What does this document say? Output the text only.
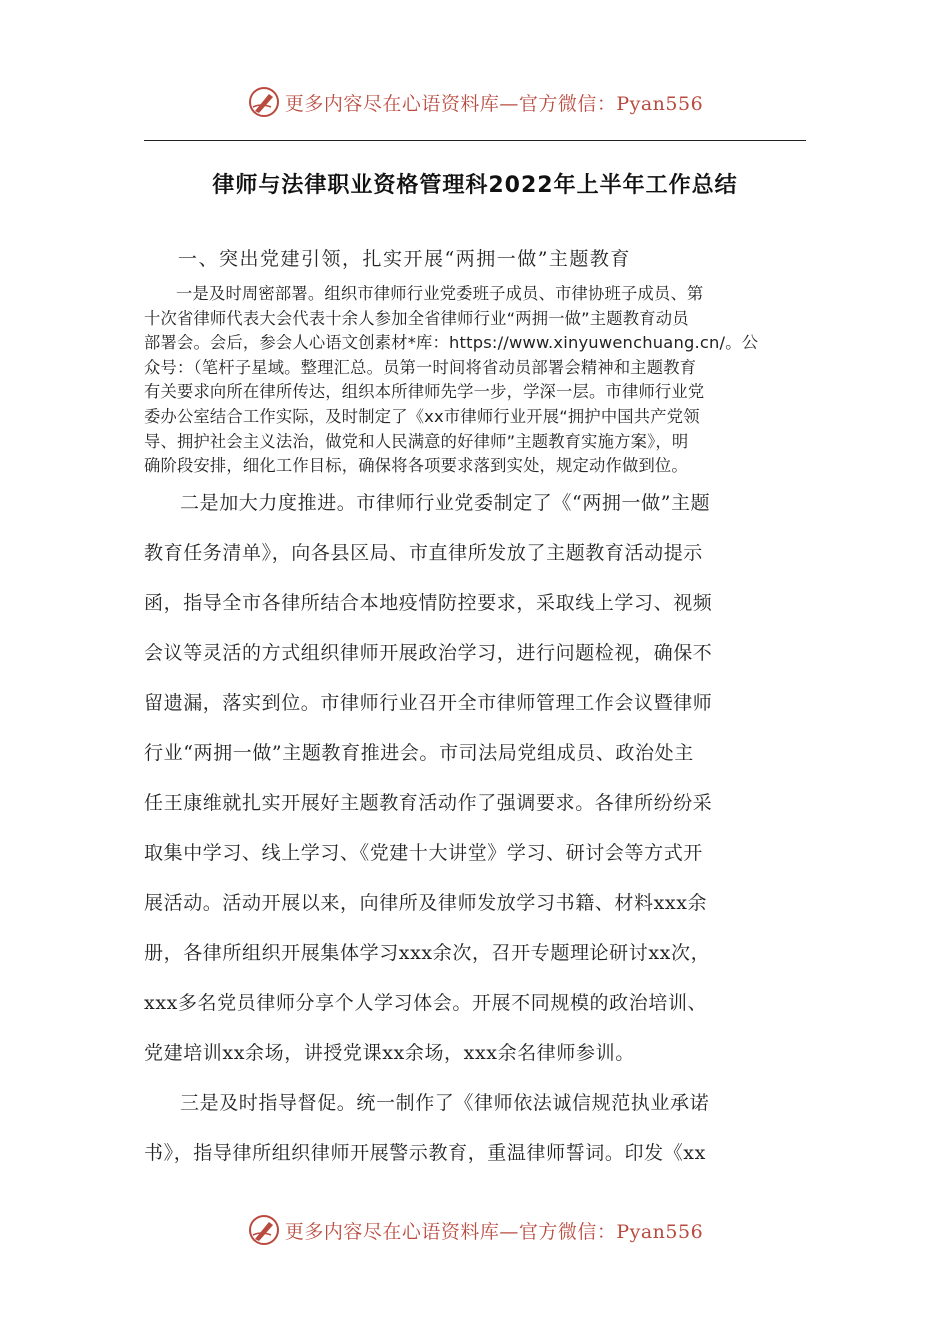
更多内容尽在心语资料库—官方微信：Pyan556
律师与法律职业资格管理科2022年上半年工作总结
一、突出党建引领，扎实开展“两拥一做”主题教育
一是及时周密部署。组织市律师行业党委班子成员、市律协班子成员、第
十次省律师代表大会代表十余人参加全省律师行业“两拥一做”主题教育动员
部署会。会后，参会人心语文创素材*库：https://www.xinyuwenchuang.cn/。公
众号：（笔杆子星域。整理汇总。员第一时间将省动员部署会精神和主题教育
有关要求向所在律所传达，组织本所律师先学一步，学深一层。市律师行业党
委办公室结合工作实际，及时制定了《xx市律师行业开展“拥护中国共产党领
导、拥护社会主义法治，做党和人民满意的好律师”主题教育实施方案》，明
确阶段安排，细化工作目标，确保将各项要求落到实处，规定动作做到位。
二是加大力度推进。市律师行业党委制定了《“两拥一做”主题
教育任务清单》，向各县区局、市直律所发放了主题教育活动提示
函，指导全市各律所结合本地疫情防控要求，采取线上学习、视频
会议等灵活的方式组织律师开展政治学习，进行问题检视，确保不
留遗漏，落实到位。市律师行业召开全市律师管理工作会议暨律师
行业“两拥一做”主题教育推进会。市司法局党组成员、政治处主
任王康维就扎实开展好主题教育活动作了强调要求。各律所纷纷采
取集中学习、线上学习、《党建十大讲堂》学习、研讨会等方式开
展活动。活动开展以来，向律所及律师发放学习书籍、材料xxx余
册，各律所组织开展集体学习xxx余次，召开专题理论研讨xx次，
xxx多名党员律师分享个人学习体会。开展不同规模的政治培训、
党建培训xx余场，讲授党课xx余场，xxx余名律师参训。
三是及时指导督促。统一制作了《律师依法诚信规范执业承诺
书》，指导律所组织律师开展警示教育，重温律师誓词。印发《xx
更多内容尽在心语资料库—官方微信：Pyan556
